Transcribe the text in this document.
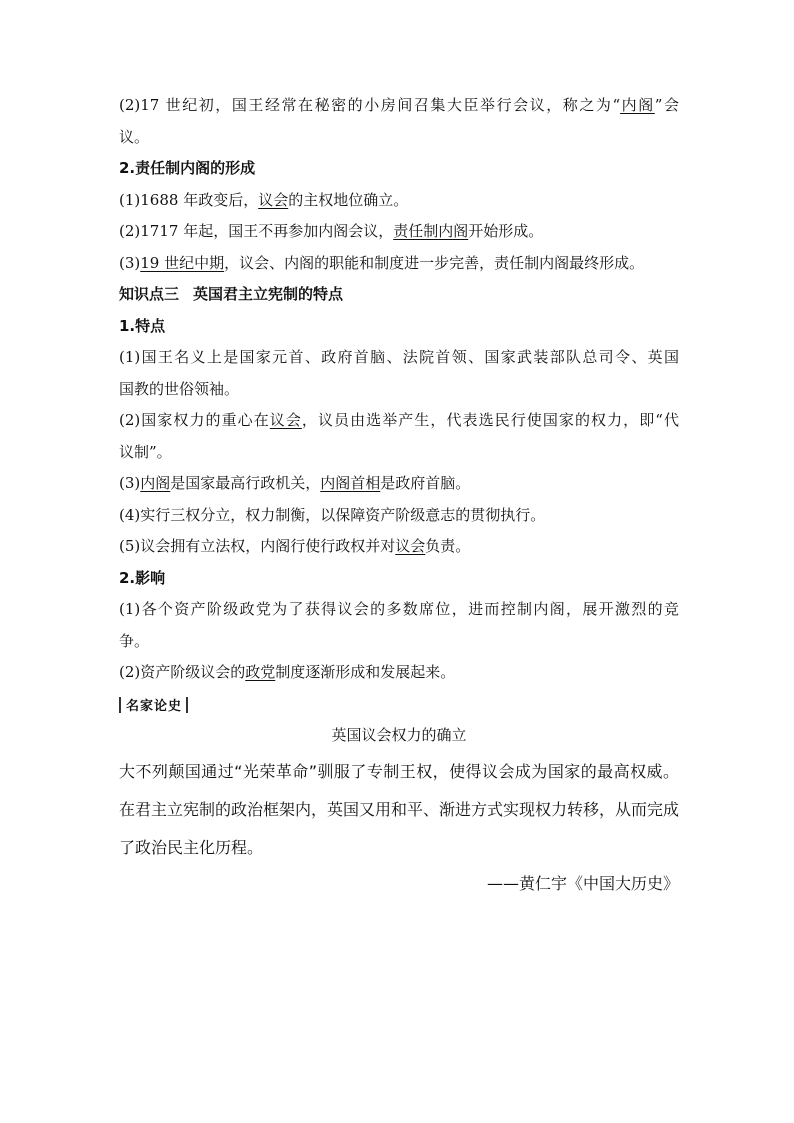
(2)17 世纪初，国王经常在秘密的小房间召集大臣举行会议，称之为“内阁”会
议。
2.责任制内阁的形成
(1)1688 年政变后，议会的主权地位确立。
(2)1717 年起，国王不再参加内阁会议，责任制内阁开始形成。
(3)19 世纪中期，议会、内阁的职能和制度进一步完善，责任制内阁最终形成。
知识点三 英国君主立宪制的特点
1.特点
(1)国王名义上是国家元首、政府首脑、法院首领、国家武装部队总司令、英国
国教的世俗领袖。
(2)国家权力的重心在议会，议员由选举产生，代表选民行使国家的权力，即“代
议制”。
(3)内阁是国家最高行政机关，内阁首相是政府首脑。
(4)实行三权分立，权力制衡，以保障资产阶级意志的贯彻执行。
(5)议会拥有立法权，内阁行使行政权并对议会负责。
2.影响
(1)各个资产阶级政党为了获得议会的多数席位，进而控制内阁，展开激烈的竞
争。
(2)资产阶级议会的政党制度逐渐形成和发展起来。
名家论史
英国议会权力的确立
大不列颠国通过“光荣革命”驯服了专制王权，使得议会成为国家的最高权威。
在君主立宪制的政治框架内，英国又用和平、渐进方式实现权力转移，从而完成
了政治民主化历程。
——黄仁宇《中国大历史》
